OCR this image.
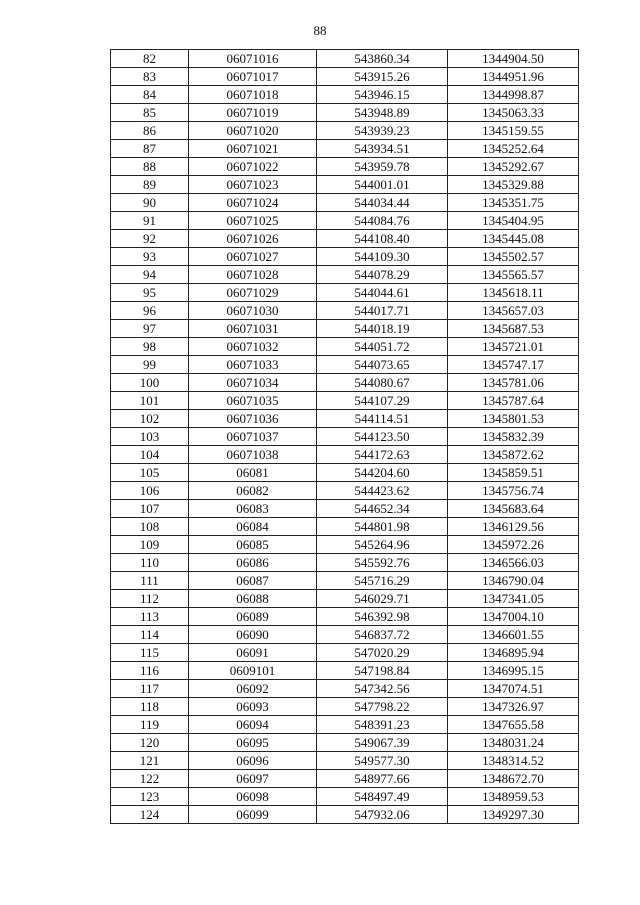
88
82	06071016	543860.34	1344904.50
83	06071017	543915.26	1344951.96
84	06071018	543946.15	1344998.87
85	06071019	543948.89	1345063.33
86	06071020	543939.23	1345159.55
87	06071021	543934.51	1345252.64
88	06071022	543959.78	1345292.67
89	06071023	544001.01	1345329.88
90	06071024	544034.44	1345351.75
91	06071025	544084.76	1345404.95
92	06071026	544108.40	1345445.08
93	06071027	544109.30	1345502.57
94	06071028	544078.29	1345565.57
95	06071029	544044.61	1345618.11
96	06071030	544017.71	1345657.03
97	06071031	544018.19	1345687.53
98	06071032	544051.72	1345721.01
99	06071033	544073.65	1345747.17
100	06071034	544080.67	1345781.06
101	06071035	544107.29	1345787.64
102	06071036	544114.51	1345801.53
103	06071037	544123.50	1345832.39
104	06071038	544172.63	1345872.62
105	06081	544204.60	1345859.51
106	06082	544423.62	1345756.74
107	06083	544652.34	1345683.64
108	06084	544801.98	1346129.56
109	06085	545264.96	1345972.26
110	06086	545592.76	1346566.03
111	06087	545716.29	1346790.04
112	06088	546029.71	1347341.05
113	06089	546392.98	1347004.10
114	06090	546837.72	1346601.55
115	06091	547020.29	1346895.94
116	0609101	547198.84	1346995.15
117	06092	547342.56	1347074.51
118	06093	547798.22	1347326.97
119	06094	548391.23	1347655.58
120	06095	549067.39	1348031.24
121	06096	549577.30	1348314.52
122	06097	548977.66	1348672.70
123	06098	548497.49	1348959.53
124	06099	547932.06	1349297.30
